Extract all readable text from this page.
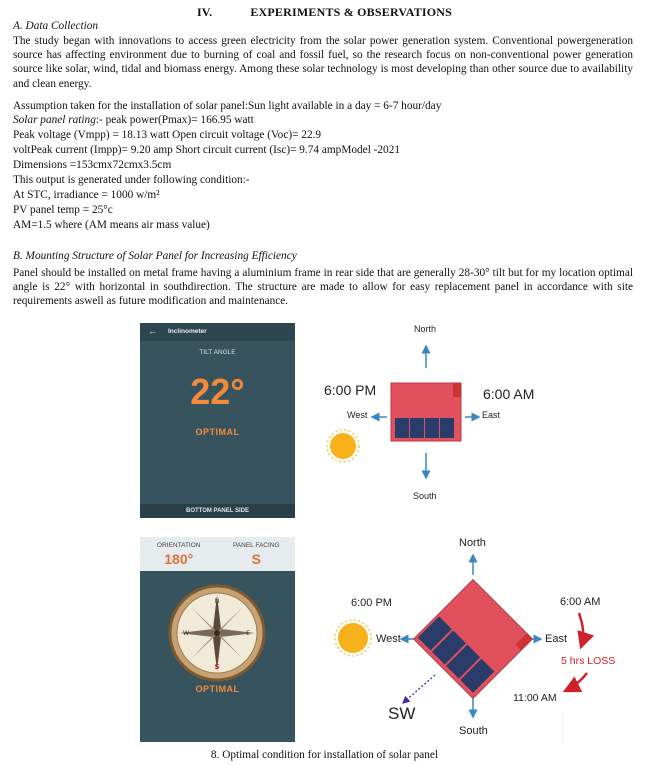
IV.	EXPERIMENTS & OBSERVATIONS
A. Data Collection
The study began with innovations to access green electricity from the solar power generation system. Conventional powergeneration source has affecting environment due to burning of coal and fossil fuel, so the research focus on non-conventional power generation source like solar, wind, tidal and biomass energy. Among these solar technology is most developing than other source due to availability and clean energy.
Assumption taken for the installation of solar panel:Sun light available in a day = 6-7 hour/day
Solar panel rating:- peak power(Pmax)= 166.95 watt
Peak voltage (Vmpp) = 18.13 watt Open circuit voltage (Voc)= 22.9
voltPeak current (Impp)= 9.20 amp Short circuit current (Isc)= 9.74 ampModel -2021
Dimensions =153cmx72cmx3.5cm
This output is generated under following condition:-
At STC, irradiance = 1000 w/m²
PV panel temp = 25°c
AM=1.5 where (AM means air mass value)
B. Mounting Structure of Solar Panel for Increasing Efficiency
Panel should be installed on metal frame having a aluminium frame in rear side that are generally 28-30° tilt but for my location optimal angle is 22° with horizontal in southdirection. The structure are made to allow for easy replacement panel in accordance with site requirements aswell as future modification and maintenance.
← Inclinometer
TILT ANGLE
22°
OPTIMAL
BOTTOM PANEL SIDE
ORIENTATION
180°
PANEL FACING
S
N
E
W
S
OPTIMAL
North
South
West	East
6:00 PM	6:00 AM
North
South
West	East
6:00 PM	6:00 AM
5 hrs LOSS
11:00 AM
SW
8. Optimal condition for installation of solar panel
